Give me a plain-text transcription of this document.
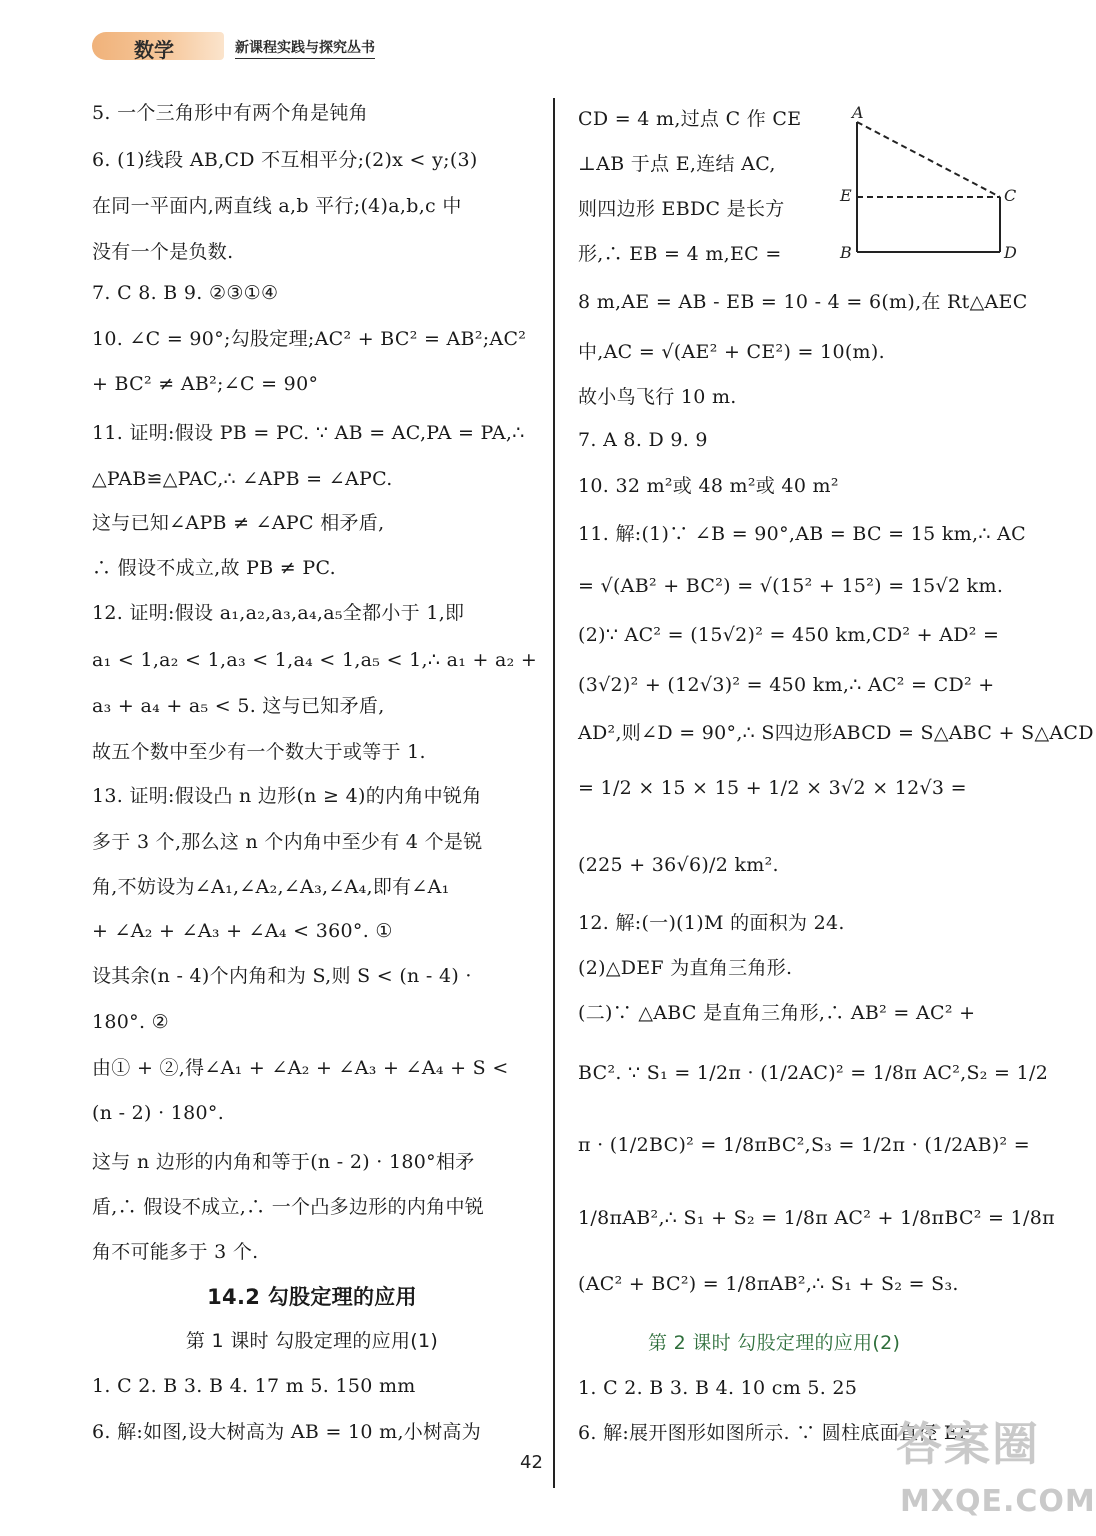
数学	新课程实践与探究丛书
5. 一个三角形中有两个角是钝角
6. (1)线段 AB,CD 不互相平分;(2)x < y;(3)
在同一平面内,两直线 a,b 平行;(4)a,b,c 中
没有一个是负数.
7. C 8. B 9. ②③①④
10. ∠C = 90°;勾股定理;AC² + BC² = AB²;AC²
+ BC² ≠ AB²;∠C = 90°
11. 证明:假设 PB = PC. ∵ AB = AC,PA = PA,∴
△PAB≌△PAC,∴ ∠APB = ∠APC.
这与已知∠APB ≠ ∠APC 相矛盾,
∴ 假设不成立,故 PB ≠ PC.
12. 证明:假设 a₁,a₂,a₃,a₄,a₅全都小于 1,即
a₁ < 1,a₂ < 1,a₃ < 1,a₄ < 1,a₅ < 1,∴ a₁ + a₂ +
a₃ + a₄ + a₅ < 5. 这与已知矛盾,
故五个数中至少有一个数大于或等于 1.
13. 证明:假设凸 n 边形(n ≥ 4)的内角中锐角
多于 3 个,那么这 n 个内角中至少有 4 个是锐
角,不妨设为∠A₁,∠A₂,∠A₃,∠A₄,即有∠A₁
+ ∠A₂ + ∠A₃ + ∠A₄ < 360°. ①
设其余(n - 4)个内角和为 S,则 S < (n - 4) ·
180°. ②
由① + ②,得∠A₁ + ∠A₂ + ∠A₃ + ∠A₄ + S <
(n - 2) · 180°.
这与 n 边形的内角和等于(n - 2) · 180°相矛
盾,∴ 假设不成立,∴ 一个凸多边形的内角中锐
角不可能多于 3 个.
14.2 勾股定理的应用
第 1 课时 勾股定理的应用(1)
1. C 2. B 3. B 4. 17 m 5. 150 mm
6. 解:如图,设大树高为 AB = 10 m,小树高为
CD = 4 m,过点 C 作 CE
⊥AB 于点 E,连结 AC,
则四边形 EBDC 是长方
形,∴ EB = 4 m,EC =
8 m,AE = AB - EB = 10 - 4 = 6(m),在 Rt△AEC
中,AC = √(AE² + CE²) = 10(m).
故小鸟飞行 10 m.
7. A 8. D 9. 9
10. 32 m²或 48 m²或 40 m²
11. 解:(1)∵ ∠B = 90°,AB = BC = 15 km,∴ AC
= √(AB² + BC²) = √(15² + 15²) = 15√2 km.
(2)∵ AC² = (15√2)² = 450 km,CD² + AD² =
(3√2)² + (12√3)² = 450 km,∴ AC² = CD² +
AD²,则∠D = 90°,∴ S四边形ABCD = S△ABC + S△ACD
= 1/2 × 15 × 15 + 1/2 × 3√2 × 12√3 =
(225 + 36√6)/2 km².
12. 解:(一)(1)M 的面积为 24.
(2)△DEF 为直角三角形.
(二)∵ △ABC 是直角三角形,∴ AB² = AC² +
BC². ∵ S₁ = 1/2π · (1/2AC)² = 1/8π AC²,S₂ = 1/2
π · (1/2BC)² = 1/8πBC²,S₃ = 1/2π · (1/2AB)² =
1/8πAB²,∴ S₁ + S₂ = 1/8π AC² + 1/8πBC² = 1/8π
(AC² + BC²) = 1/8πAB²,∴ S₁ + S₂ = S₃.
第 2 课时 勾股定理的应用(2)
1. C 2. B 3. B 4. 10 cm 5. 25
6. 解:展开图形如图所示. ∵ 圆柱底面直径 EF
A
E
B
C
D
42	答案圈
MXQE.COM
